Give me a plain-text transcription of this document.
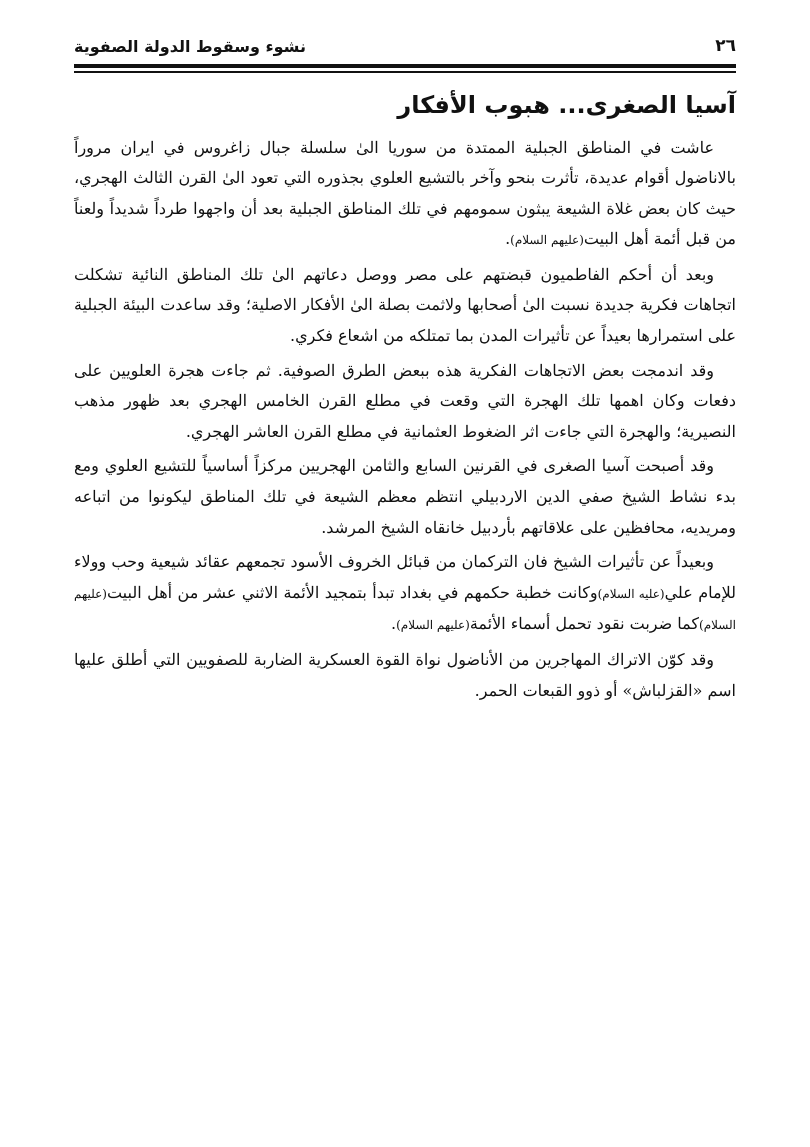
٢٦
نشوء وسقوط الدولة الصفوية
آسيا الصغرى... هبوب الأفكار

عاشت في المناطق الجبلية الممتدة من سوريا الىٰ سلسلة جبال زاغروس في ايران مروراً بالاناضول أقوام عديدة، تأثرت بنحو وآخر بالتشيع العلوي بجذوره التي تعود الىٰ القرن الثالث الهجري، حيث كان بعض غلاة الشيعة يبثون سمومهم في تلك المناطق الجبلية بعد أن واجهوا طرداً شديداً ولعناً من قبل أئمة أهل البيت(عليهم السلام).

وبعد أن أحكم الفاطميون قبضتهم على مصر ووصل دعاتهم الىٰ تلك المناطق النائية تشكلت اتجاهات فكرية جديدة نسبت الىٰ أصحابها ولاثمت بصلة الىٰ الأفكار الاصلية؛ وقد ساعدت البيئة الجبلية على استمرارها بعيداً عن تأثيرات المدن بما تمتلكه من اشعاع فكري.

وقد اندمجت بعض الاتجاهات الفكرية هذه ببعض الطرق الصوفية. ثم جاءت هجرة العلويين على دفعات وكان اهمها تلك الهجرة التي وقعت في مطلع القرن الخامس الهجري بعد ظهور مذهب النصيرية؛ والهجرة التي جاءت اثر الضغوط العثمانية في مطلع القرن العاشر الهجري.

وقد أصبحت آسيا الصغرى في القرنين السابع والثامن الهجريين مركزاً أساسياً للتشيع العلوي ومع بدء نشاط الشيخ صفي الدين الاردبيلي انتظم معظم الشيعة في تلك المناطق ليكونوا من اتباعه ومريديه، محافظين على علاقاتهم بأردبيل خانقاه الشيخ المرشد.

وبعيداً عن تأثيرات الشيخ فان التركمان من قبائل الخروف الأسود تجمعهم عقائد شيعية وحب وولاء للإمام علي(عليه السلام)وكانت خطبة حكمهم في بغداد تبدأ بتمجيد الأئمة الاثني عشر من أهل البيت(عليهم السلام)كما ضربت نقود تحمل أسماء الأئمة(عليهم السلام).

وقد كوّن الاتراك المهاجرين من الأناضول نواة القوة العسكرية الضاربة للصفويين التي أطلق عليها اسم «القزلباش» أو ذوو القبعات الحمر.
